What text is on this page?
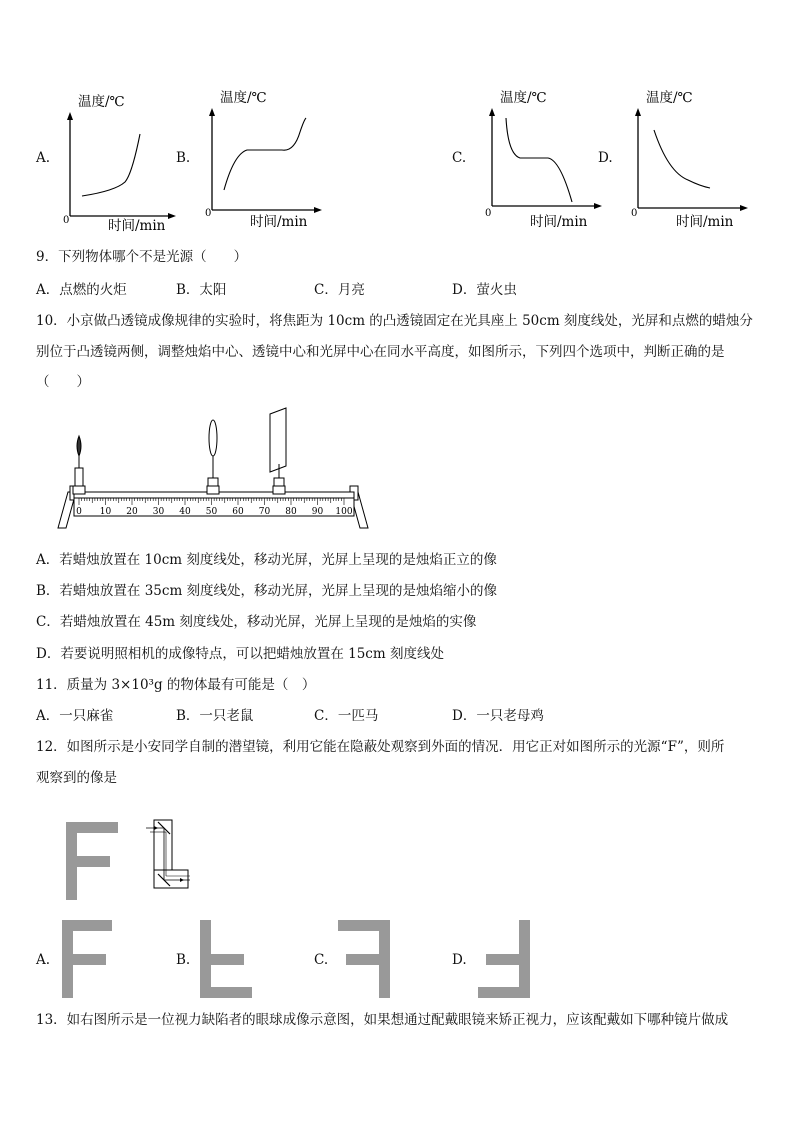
A.	B.	C.	D.
温度/℃
0	时间/min
温度/℃
0
时间/min
温度/℃
0
时间/min
温度/℃
0
时间/min
9．下列物体哪个不是光源（　　）
A．点燃的火炬	B．太阳	C．月亮	D．萤火虫
10．小京做凸透镜成像规律的实验时，将焦距为 10cm 的凸透镜固定在光具座上 50cm 刻度线处，光屏和点燃的蜡烛分
别位于凸透镜两侧，调整烛焰中心、透镜中心和光屏中心在同水平高度，如图所示，下列四个选项中，判断正确的是
（　　）
0 10 20 30 40 50 60 70 80 90 100
A．若蜡烛放置在 10cm 刻度线处，移动光屏，光屏上呈现的是烛焰正立的像
B．若蜡烛放置在 35cm 刻度线处，移动光屏，光屏上呈现的是烛焰缩小的像
C．若蜡烛放置在 45m 刻度线处，移动光屏，光屏上呈现的是烛焰的实像
D．若要说明照相机的成像特点，可以把蜡烛放置在 15cm 刻度线处
11．质量为 3×10³g 的物体最有可能是（　）
A．一只麻雀	B．一只老鼠	C．一匹马	D．一只老母鸡
12．如图所示是小安同学自制的潜望镜，利用它能在隐蔽处观察到外面的情况．用它正对如图所示的光源“F”，则所
观察到的像是
A.	B.	C.	D.
13．如右图所示是一位视力缺陷者的眼球成像示意图，如果想通过配戴眼镜来矫正视力，应该配戴如下哪种镜片做成
